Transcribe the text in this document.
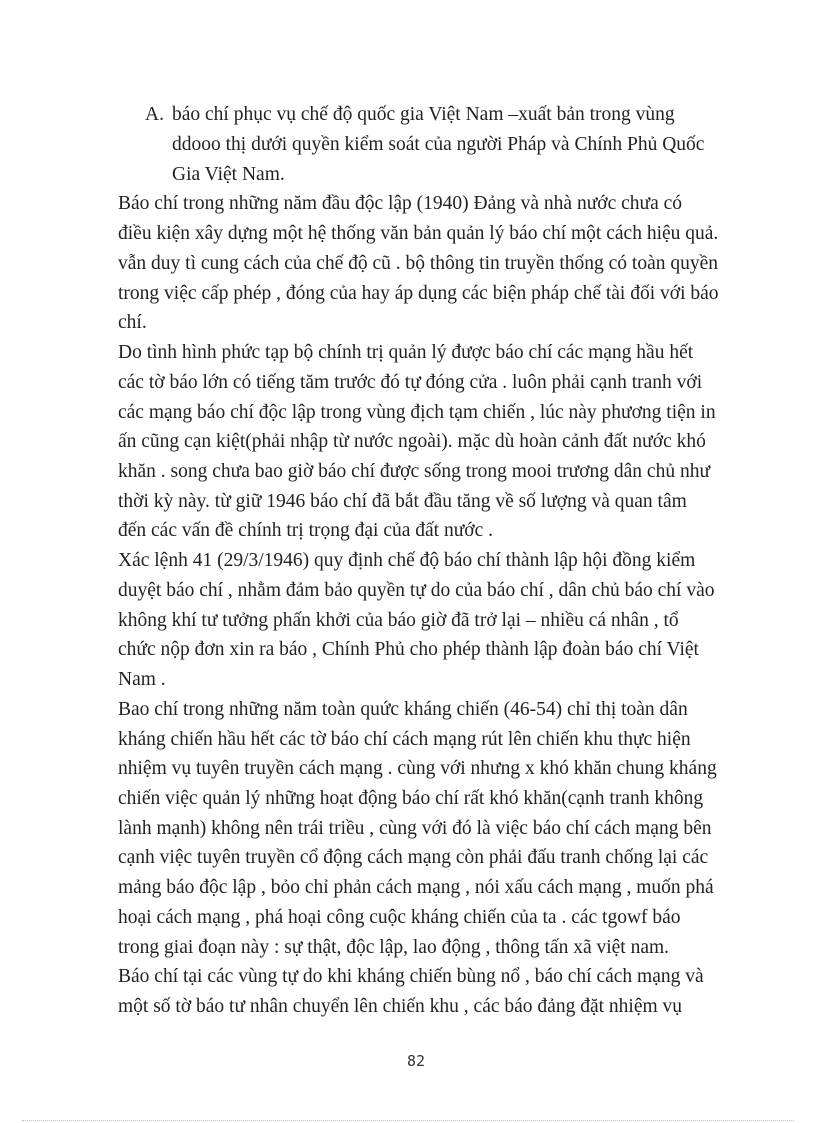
A. báo chí phục vụ chế độ quốc gia Việt Nam –xuất bản trong vùng
ddooo thị dưới quyền kiểm soát của người Pháp và Chính Phủ Quốc
Gia Việt Nam.
Báo chí trong những năm đầu độc lập (1940) Đảng và nhà nước chưa có
điều kiện xây dựng một hệ thống văn bản quản lý báo chí một cách hiệu quả.
vẫn duy tì cung cách của chế độ cũ . bộ thông tin truyền thống có toàn quyền
trong việc cấp phép , đóng của hay áp dụng các biện pháp chế tài đối với báo
chí.
Do tình hình phức tạp bộ chính trị quản lý được báo chí các mạng hầu hết
các tờ báo lớn có tiếng tăm trước đó tự đóng cửa . luôn phải cạnh tranh với
các mạng báo chí độc lập trong vùng địch tạm chiến , lúc này phương tiện in
ấn cũng cạn kiệt(phải nhập từ nước ngoài). mặc dù hoàn cảnh đất nước khó
khăn . song chưa bao giờ báo chí được sống trong mooi trương dân chủ như
thời kỳ này. từ giữ 1946 báo chí đã bắt đầu tăng về số lượng và quan tâm
đến các vấn đề chính trị trọng đại của đất nước .
Xác lệnh 41 (29/3/1946) quy định chế độ báo chí thành lập hội đồng kiểm
duyệt báo chí , nhằm đảm bảo quyền tự do của báo chí , dân chủ báo chí vào
không khí tư tưởng phấn khởi của báo giờ đã trở lại – nhiều cá nhân , tổ
chức nộp đơn xin ra báo , Chính Phủ cho phép thành lập đoàn báo chí Việt
Nam .
Bao chí trong những năm toàn quức kháng chiến (46-54) chỉ thị toàn dân
kháng chiến hầu hết các tờ báo chí cách mạng rút lên chiến khu thực hiện
nhiệm vụ tuyên truyền cách mạng . cùng với nhưng x khó khăn chung kháng
chiến việc quản lý những hoạt động báo chí rất khó khăn(cạnh tranh không
lành mạnh) không nên trái triều , cùng với đó là việc báo chí cách mạng bên
cạnh việc tuyên truyền cổ động cách mạng còn phải đấu tranh chống lại các
mảng báo độc lập , bỏo chỉ phản cách mạng , nói xấu cách mạng , muốn phá
hoại cách mạng , phá hoại công cuộc kháng chiến của ta . các tgowf báo
trong giai đoạn này : sự thật, độc lập, lao động , thông tấn xã việt nam.
Báo chí tại các vùng tự do khi kháng chiến bùng nổ , báo chí cách mạng và
một số tờ báo tư nhân chuyển lên chiến khu , các báo đảng đặt nhiệm vụ
82
